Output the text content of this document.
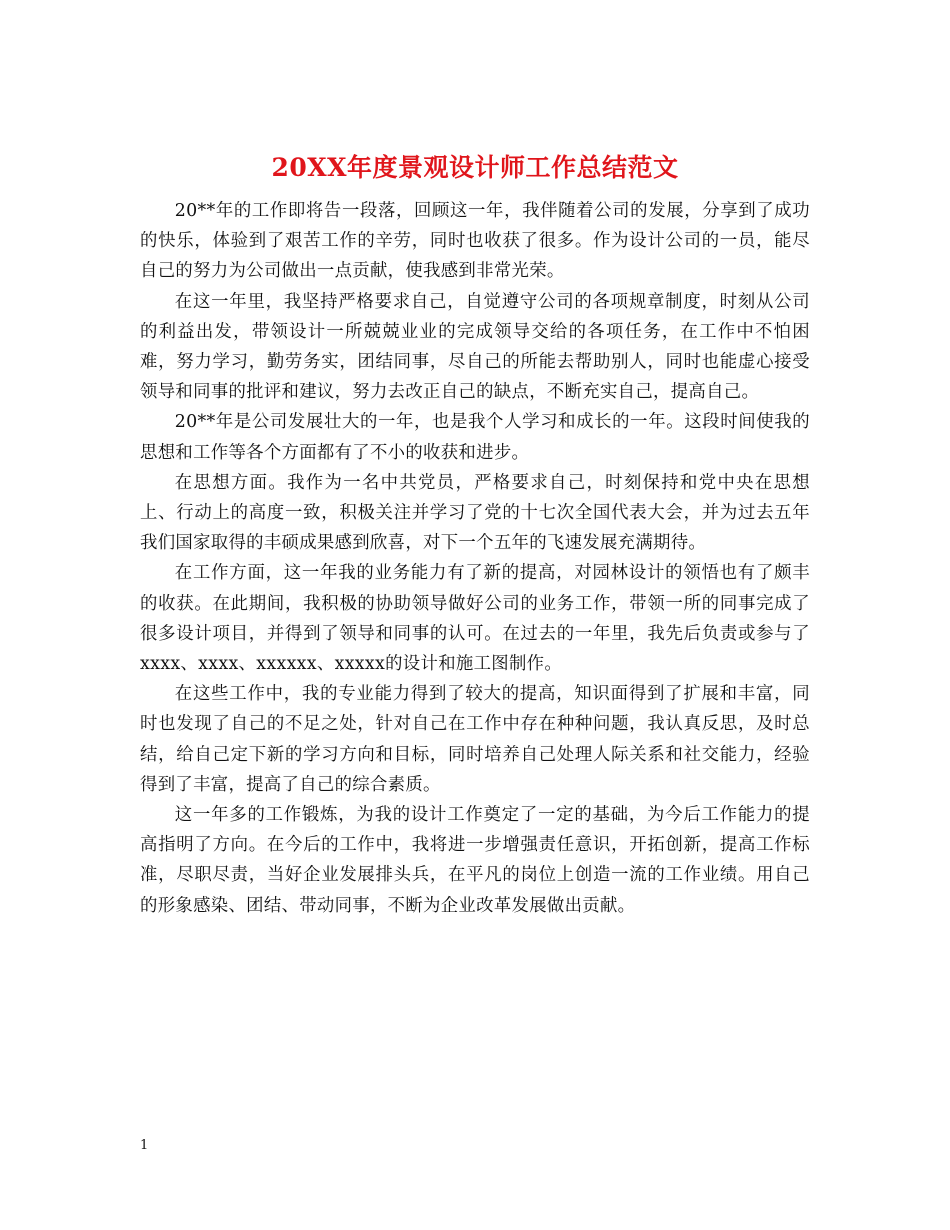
20XX年度景观设计师工作总结范文

20**年的工作即将告一段落，回顾这一年，我伴随着公司的发展，分享到了成功的快乐，体验到了艰苦工作的辛劳，同时也收获了很多。作为设计公司的一员，能尽自己的努力为公司做出一点贡献，使我感到非常光荣。

在这一年里，我坚持严格要求自己，自觉遵守公司的各项规章制度，时刻从公司的利益出发，带领设计一所兢兢业业的完成领导交给的各项任务，在工作中不怕困难，努力学习，勤劳务实，团结同事，尽自己的所能去帮助别人，同时也能虚心接受领导和同事的批评和建议，努力去改正自己的缺点，不断充实自己，提高自己。

20**年是公司发展壮大的一年，也是我个人学习和成长的一年。这段时间使我的思想和工作等各个方面都有了不小的收获和进步。

在思想方面。我作为一名中共党员，严格要求自己，时刻保持和党中央在思想上、行动上的高度一致，积极关注并学习了党的十七次全国代表大会，并为过去五年我们国家取得的丰硕成果感到欣喜，对下一个五年的飞速发展充满期待。

在工作方面，这一年我的业务能力有了新的提高，对园林设计的领悟也有了颇丰的收获。在此期间，我积极的协助领导做好公司的业务工作，带领一所的同事完成了很多设计项目，并得到了领导和同事的认可。在过去的一年里，我先后负责或参与了xxxx、xxxx、xxxxxx、xxxxx的设计和施工图制作。

在这些工作中，我的专业能力得到了较大的提高，知识面得到了扩展和丰富，同时也发现了自己的不足之处，针对自己在工作中存在种种问题，我认真反思，及时总结，给自己定下新的学习方向和目标，同时培养自己处理人际关系和社交能力，经验得到了丰富，提高了自己的综合素质。

这一年多的工作锻炼，为我的设计工作奠定了一定的基础，为今后工作能力的提高指明了方向。在今后的工作中，我将进一步增强责任意识，开拓创新，提高工作标准，尽职尽责，当好企业发展排头兵，在平凡的岗位上创造一流的工作业绩。用自己的形象感染、团结、带动同事，不断为企业改革发展做出贡献。

1
